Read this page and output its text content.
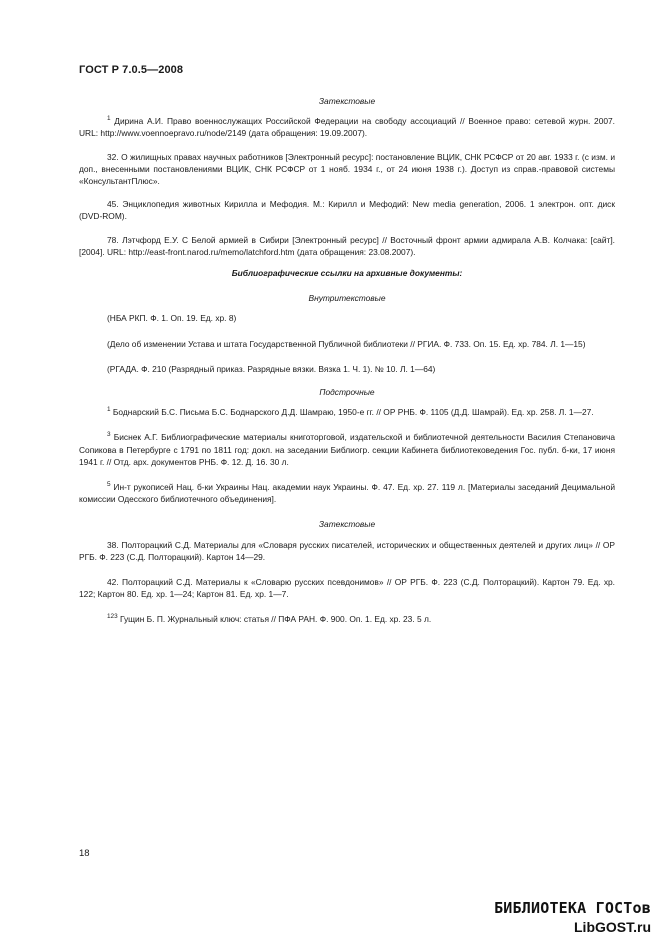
ГОСТ Р 7.0.5—2008

Затекстовые

$^1$ Дирина А.И. Право военнослужащих Российской Федерации на свободу ассоциаций // Военное право: сетевой журн. 2007. URL: http://www.voennoepravo.ru/node/2149 (дата обращения: 19.09.2007).

32. О жилищных правах научных работников [Электронный ресурс]: постановление ВЦИК, СНК РСФСР от 20 авг. 1933 г. (с изм. и доп., внесенными постановлениями ВЦИК, СНК РСФСР от 1 нояб. 1934 г., от 24 июня 1938 г.). Доступ из справ.-правовой системы «КонсультантПлюс».

45. Энциклопедия животных Кирилла и Мефодия. М.: Кирилл и Мефодий: New media generation, 2006. 1 электрон. опт. диск (DVD-ROM).

78. Лэтчфорд Е.У. С Белой армией в Сибири [Электронный ресурс] // Восточный фронт армии адмирала А.В. Колчака: [сайт]. [2004]. URL: http://east-front.narod.ru/memo/latchford.htm (дата обращения: 23.08.2007).

Библиографические ссылки на архивные документы:

Внутритекстовые

(НБА РКП. Ф. 1. Оп. 19. Ед. хр. 8)

(Дело об изменении Устава и штата Государственной Публичной библиотеки // РГИА. Ф. 733. Оп. 15. Ед. хр. 784. Л. 1—15)

(РГАДА. Ф. 210 (Разрядный приказ. Разрядные вязки. Вязка 1. Ч. 1). № 10. Л. 1—64)

Подстрочные

$^1$ Боднарский Б.С. Письма Б.С. Боднарского Д.Д. Шамраю, 1950-е гг. // ОР РНБ. Ф. 1105 (Д.Д. Шамрай). Ед. хр. 258. Л. 1—27.

$^3$ Биснек А.Г. Библиографические материалы книготорговой, издательской и библиотечной деятельности Василия Степановича Сопикова в Петербурге с 1791 по 1811 год: докл. на заседании Библиогр. секции Кабинета библиотековедения Гос. публ. б-ки, 17 июня 1941 г. // Отд. арх. документов РНБ. Ф. 12. Д. 16. 30 л.

$^5$ Ин-т рукописей Нац. б-ки Украины Нац. академии наук Украины. Ф. 47. Ед. хр. 27. 119 л. [Материалы заседаний Децимальной комиссии Одесского библиотечного объединения].

Затекстовые

38. Полторацкий С.Д. Материалы для «Словаря русских писателей, исторических и общественных деятелей и других лиц» // ОР РГБ. Ф. 223 (С.Д. Полторацкий). Картон 14—29.

42. Полторацкий С.Д. Материалы к «Словарю русских псевдонимов» // ОР РГБ. Ф. 223 (С.Д. Полторацкий). Картон 79. Ед. хр. 122; Картон 80. Ед. хр. 1—24; Картон 81. Ед. хр. 1—7.

$^{123}$ Гущин Б. П. Журнальный ключ: статья // ПФА РАН. Ф. 900. Оп. 1. Ед. хр. 23. 5 л.

18
БИБЛИОТЕКА ГОСТов
LibGOST.ru
